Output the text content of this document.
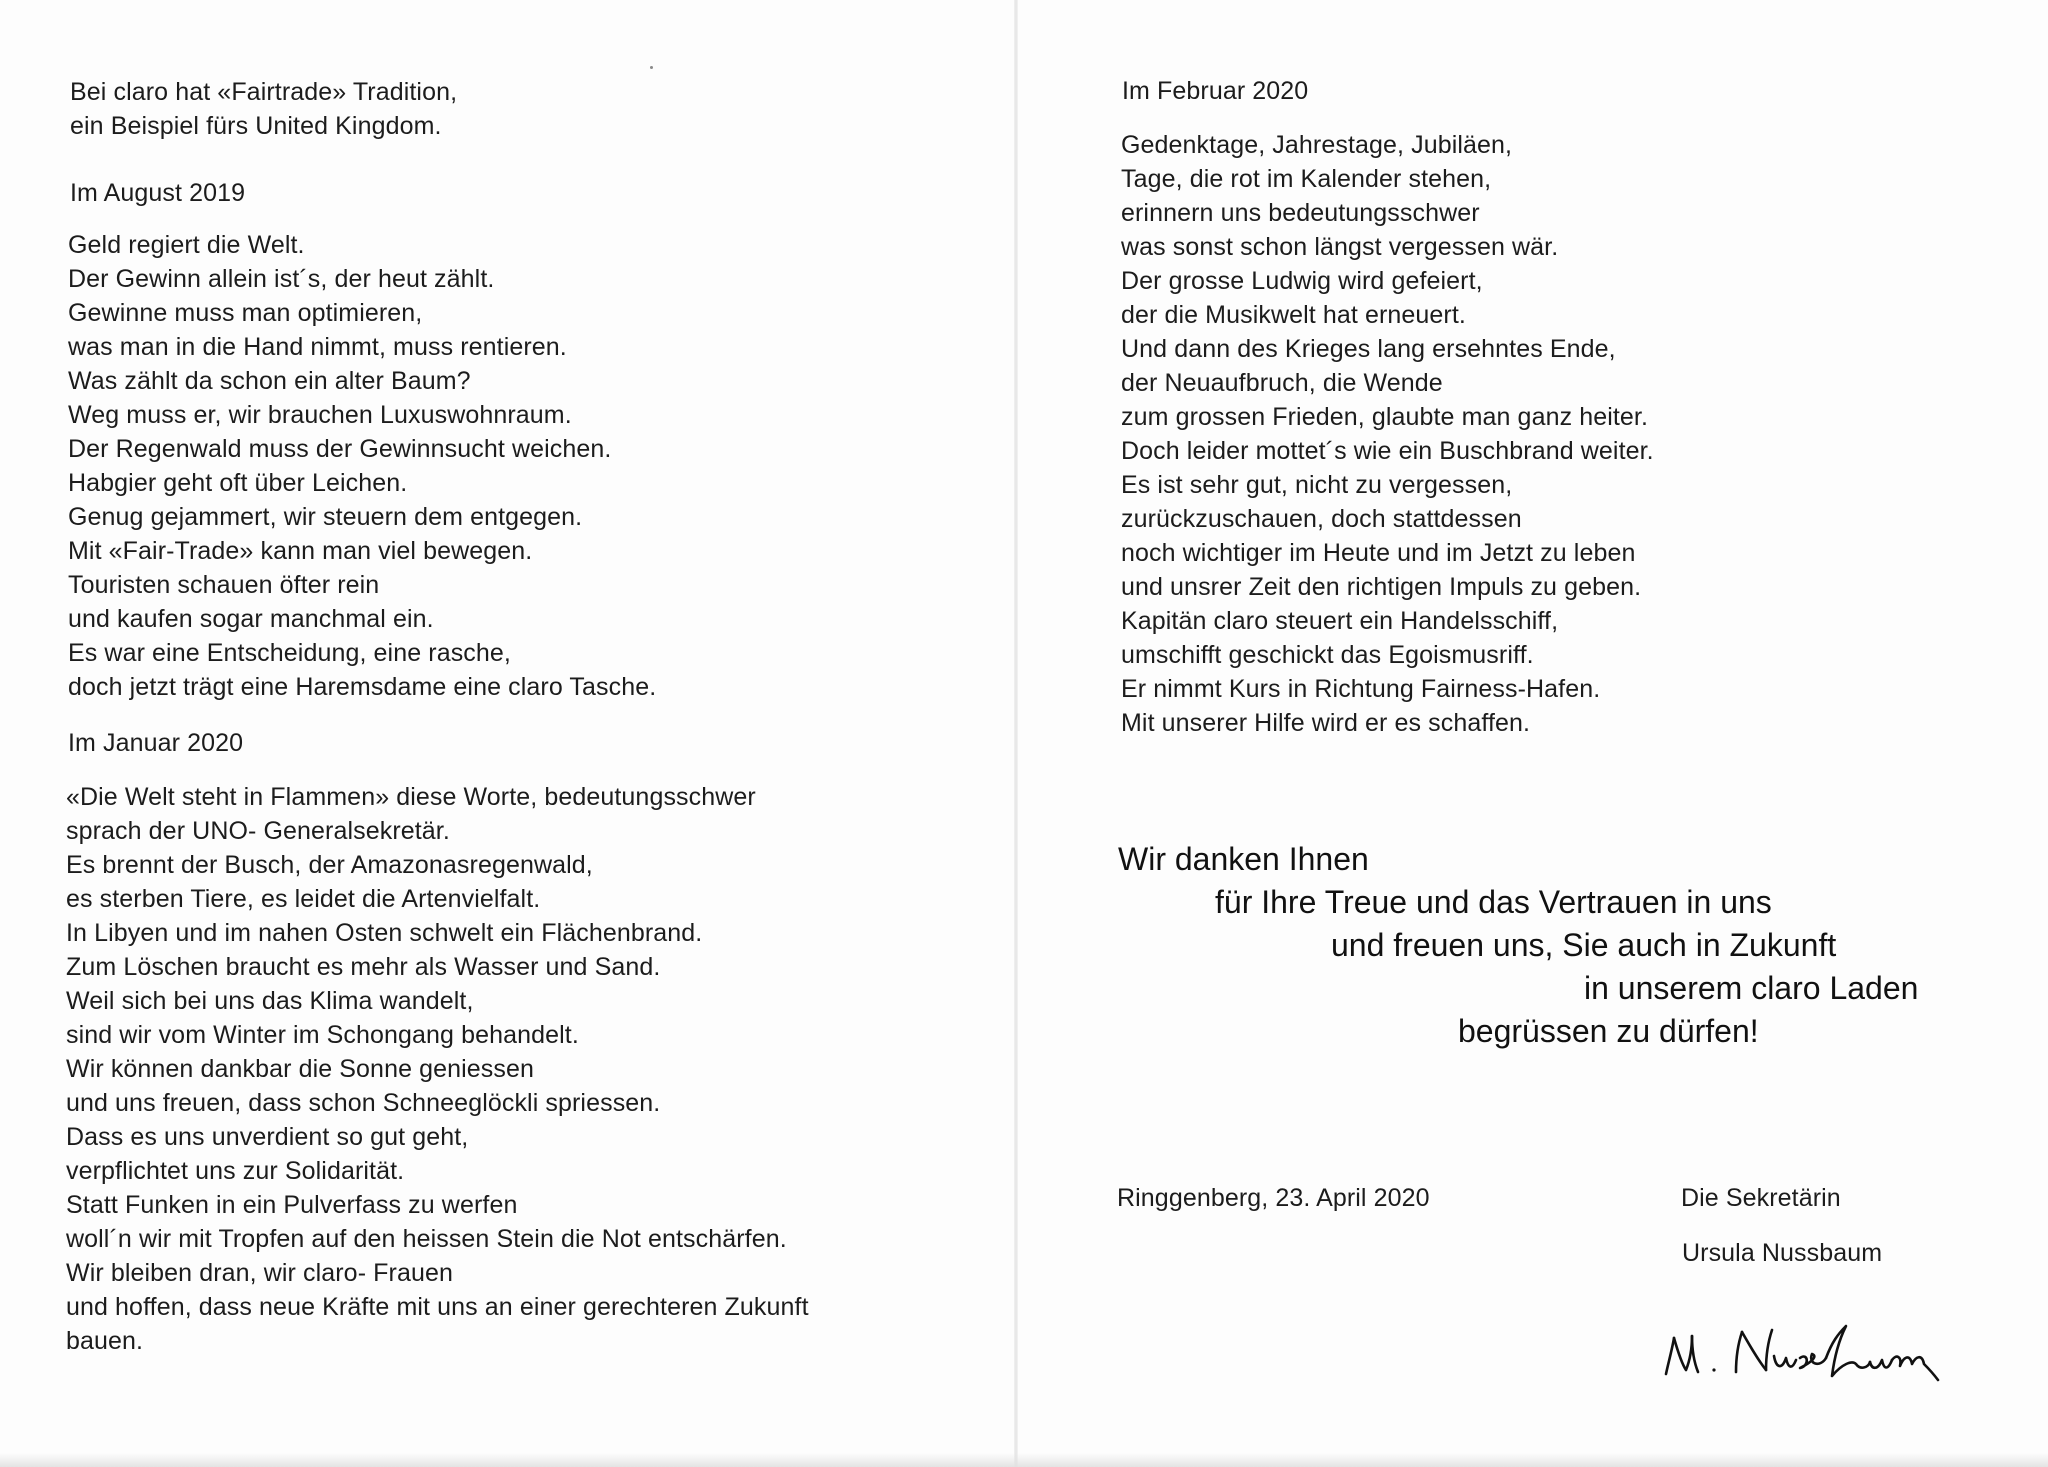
Bei claro hat «Fairtrade» Tradition,
ein Beispiel fürs United Kingdom.
Im August 2019
Geld regiert die Welt.
Der Gewinn allein ist´s, der heut zählt.
Gewinne muss man optimieren,
was man in die Hand nimmt, muss rentieren.
Was zählt da schon ein alter Baum?
Weg muss er, wir brauchen Luxuswohnraum.
Der Regenwald muss der Gewinnsucht weichen.
Habgier geht oft über Leichen.
Genug gejammert, wir steuern dem entgegen.
Mit «Fair-Trade» kann man viel bewegen.
Touristen schauen öfter rein
und kaufen sogar manchmal ein.
Es war eine Entscheidung, eine rasche,
doch jetzt trägt eine Haremsdame eine claro Tasche.
Im Januar 2020
«Die Welt steht in Flammen» diese Worte, bedeutungsschwer
sprach der UNO- Generalsekretär.
Es brennt der Busch, der Amazonasregenwald,
es sterben Tiere, es leidet die Artenvielfalt.
In Libyen und im nahen Osten schwelt ein Flächenbrand.
Zum Löschen braucht es mehr als Wasser und Sand.
Weil sich bei uns das Klima wandelt,
sind wir vom Winter im Schongang behandelt.
Wir können dankbar die Sonne geniessen
und uns freuen, dass schon Schneeglöckli spriessen.
Dass es uns unverdient so gut geht,
verpflichtet uns zur Solidarität.
Statt Funken in ein Pulverfass zu werfen
woll´n wir mit Tropfen auf den heissen Stein die Not entschärfen.
Wir bleiben dran, wir claro- Frauen
und hoffen, dass neue Kräfte mit uns an einer gerechteren Zukunft
bauen.
Im Februar 2020
Gedenktage, Jahrestage, Jubiläen,
Tage, die rot im Kalender stehen,
erinnern uns bedeutungsschwer
was sonst schon längst vergessen wär.
Der grosse Ludwig wird gefeiert,
der die Musikwelt hat erneuert.
Und dann des Krieges lang ersehntes Ende,
der Neuaufbruch, die Wende
zum grossen Frieden, glaubte man ganz heiter.
Doch leider mottet´s wie ein Buschbrand weiter.
Es ist sehr gut, nicht zu vergessen,
zurückzuschauen, doch stattdessen
noch wichtiger im Heute und im Jetzt zu leben
und unsrer Zeit den richtigen Impuls zu geben.
Kapitän claro steuert ein Handelsschiff,
umschifft geschickt das Egoismusriff.
Er nimmt Kurs in Richtung Fairness-Hafen.
Mit unserer Hilfe wird er es schaffen.
Wir danken Ihnen
für Ihre Treue und das Vertrauen in uns
und freuen uns, Sie auch in Zukunft
in unserem claro Laden
begrüssen zu dürfen!
Ringgenberg, 23. April 2020	Die Sekretärin
Ursula Nussbaum
